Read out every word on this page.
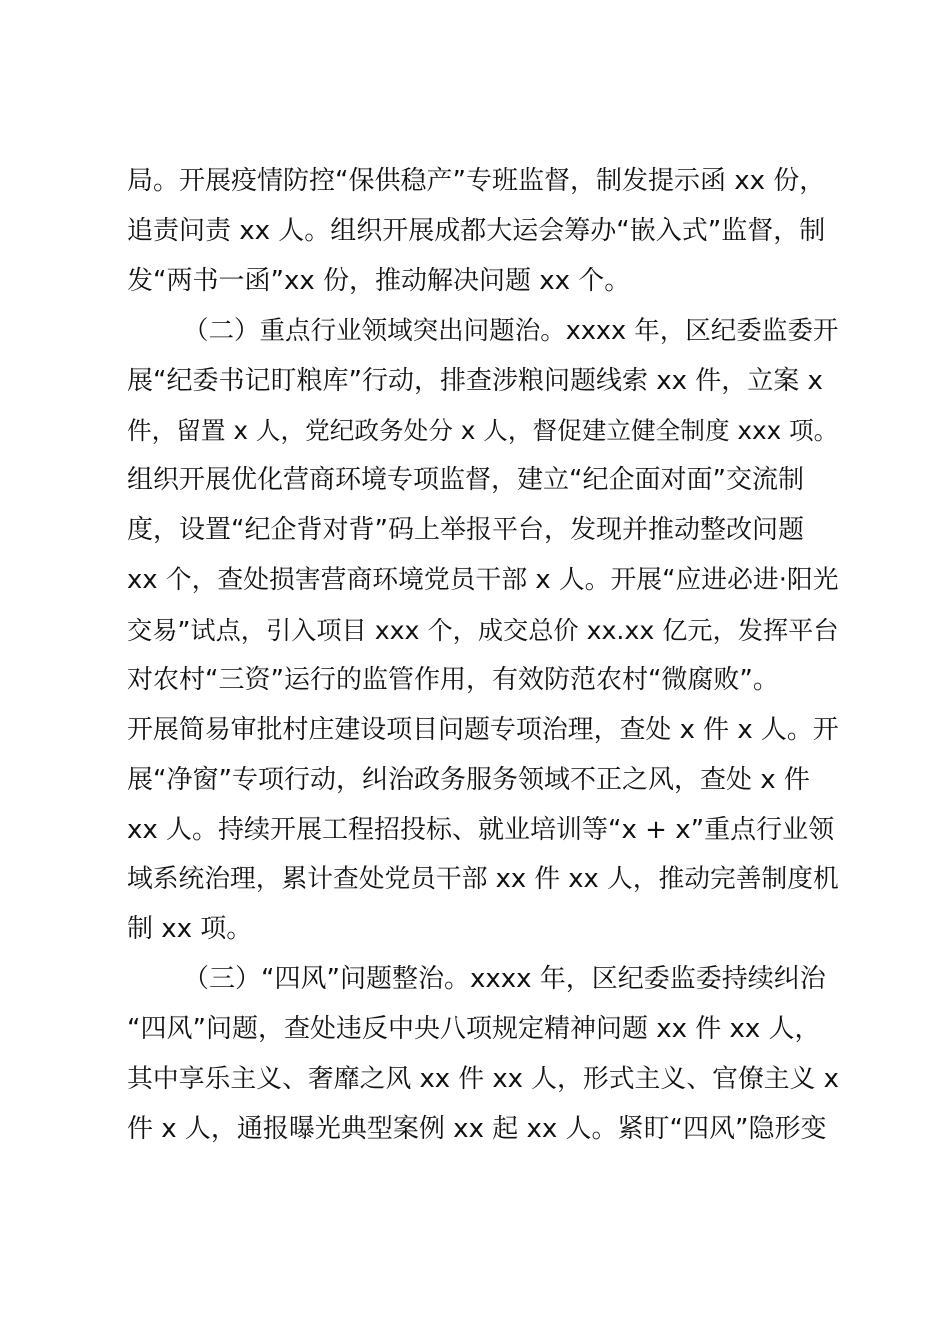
局。开展疫情防控“保供稳产”专班监督，制发提示函 xx 份，
追责问责 xx 人。组织开展成都大运会筹办“嵌入式”监督，制
发“两书一函”xx 份，推动解决问题 xx 个。
（二）重点行业领域突出问题治。xxxx 年，区纪委监委开
展“纪委书记盯粮库”行动，排查涉粮问题线索 xx 件，立案 x
件，留置 x 人，党纪政务处分 x 人，督促建立健全制度 xxx 项。
组织开展优化营商环境专项监督，建立“纪企面对面”交流制
度，设置“纪企背对背”码上举报平台，发现并推动整改问题
xx 个，查处损害营商环境党员干部 x 人。开展“应进必进·阳光
交易”试点，引入项目 xxx 个，成交总价 xx.xx 亿元，发挥平台
对农村“三资”运行的监管作用，有效防范农村“微腐败”。
开展简易审批村庄建设项目问题专项治理，查处 x 件 x 人。开
展“净窗”专项行动，纠治政务服务领域不正之风，查处 x 件
xx 人。持续开展工程招投标、就业培训等“x + x”重点行业领
域系统治理，累计查处党员干部 xx 件 xx 人，推动完善制度机
制 xx 项。
（三）“四风”问题整治。xxxx 年，区纪委监委持续纠治
“四风”问题，查处违反中央八项规定精神问题 xx 件 xx 人，
其中享乐主义、奢靡之风 xx 件 xx 人，形式主义、官僚主义 x
件 x 人，通报曝光典型案例 xx 起 xx 人。紧盯“四风”隐形变
